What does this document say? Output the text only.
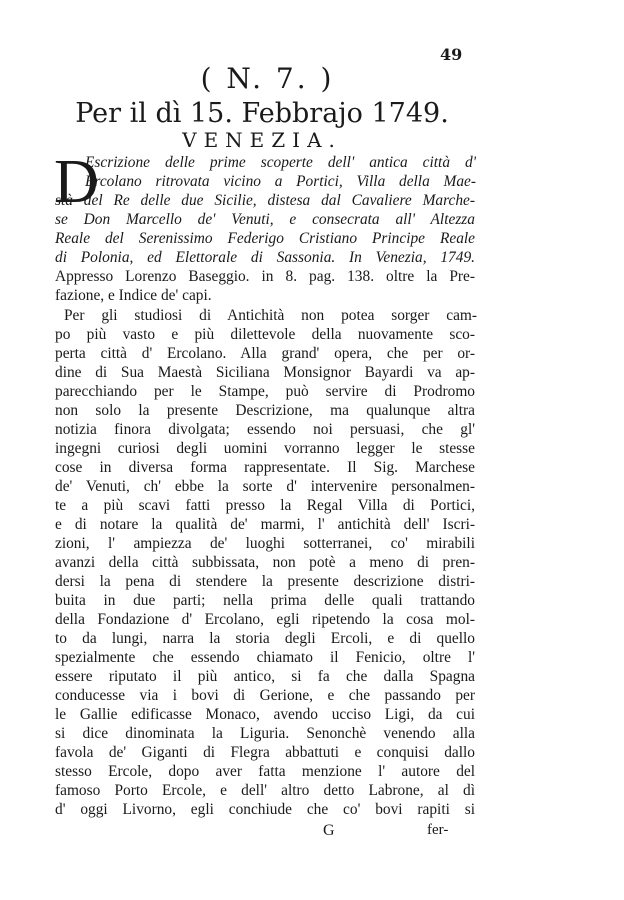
49
( N. 7. )
Per il dì 15. Febbrajo 1749.
VENEZIA.
D
Escrizione delle prime scoperte dell' antica città d'
Ercolano ritrovata vicino a Portici, Villa della Mae-
stà del Re delle due Sicilie, distesa dal Cavaliere Marche-
se Don Marcello de' Venuti, e consecrata all' Altezza
Reale del Serenissimo Federigo Cristiano Principe Reale
di Polonia, ed Elettorale di Sassonia. In Venezia, 1749.
Appresso Lorenzo Baseggio. in 8. pag. 138. oltre la Pre-
fazione, e Indice de' capi.
Per gli studiosi di Antichità non potea sorger cam-
po più vasto e più dilettevole della nuovamente sco-
perta città d' Ercolano. Alla grand' opera, che per or-
dine di Sua Maestà Siciliana Monsignor Bayardi va ap-
parecchiando per le Stampe, può servire di Prodromo
non solo la presente Descrizione, ma qualunque altra
notizia finora divolgata; essendo noi persuasi, che gl'
ingegni curiosi degli uomini vorranno legger le stesse
cose in diversa forma rappresentate. Il Sig. Marchese
de' Venuti, ch' ebbe la sorte d' intervenire personalmen-
te a più scavi fatti presso la Regal Villa di Portici,
e di notare la qualità de' marmi, l' antichità dell' Iscri-
zioni, l' ampiezza de' luoghi sotterranei, co' mirabili
avanzi della città subbissata, non potè a meno di pren-
dersi la pena di stendere la presente descrizione distri-
buita in due parti; nella prima delle quali trattando
della Fondazione d' Ercolano, egli ripetendo la cosa mol-
to da lungi, narra la storia degli Ercoli, e di quello
spezialmente che essendo chiamato il Fenicio, oltre l'
essere riputato il più antico, si fa che dalla Spagna
conducesse via i bovi di Gerione, e che passando per
le Gallie edificasse Monaco, avendo ucciso Ligi, da cui
si dice dinominata la Liguria. Senonchè venendo alla
favola de' Giganti di Flegra abbattuti e conquisi dallo
stesso Ercole, dopo aver fatta menzione l' autore del
famoso Porto Ercole, e dell' altro detto Labrone, al dì
d' oggi Livorno, egli conchiude che co' bovi rapiti si
G	fer-
